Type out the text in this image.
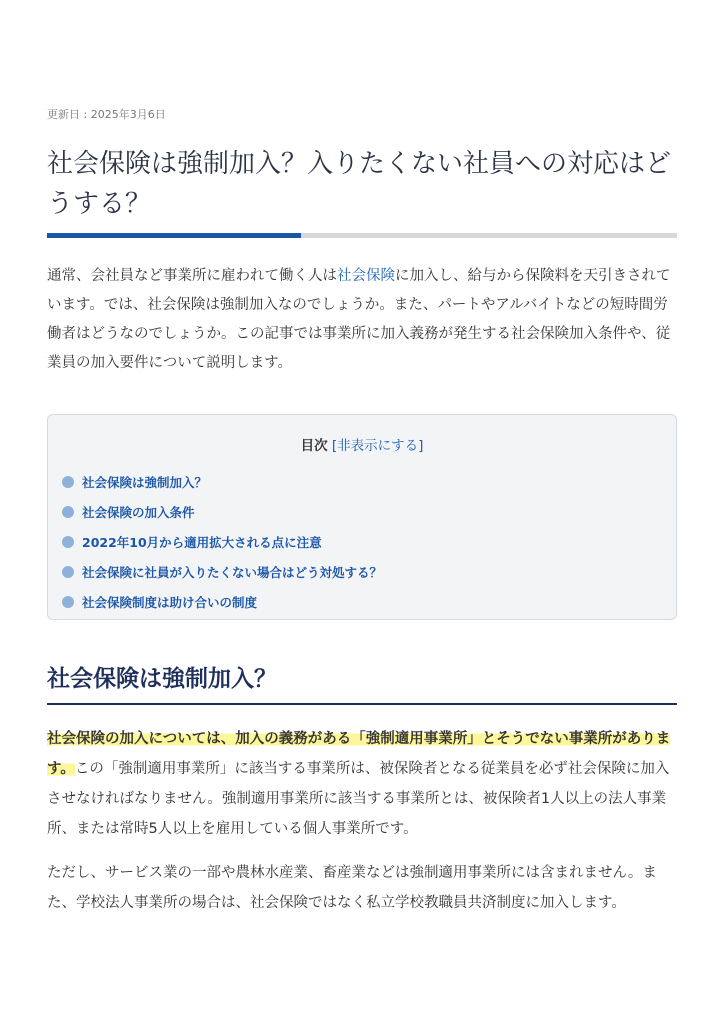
更新日 : 2025年3月6日
社会保険は強制加入？入りたくない社員への対応はどうする？

通常、会社員など事業所に雇われて働く人は社会保険に加入し、給与から保険料を天引きされています。では、社会保険は強制加入なのでしょうか。また、パートやアルバイトなどの短時間労働者はどうなのでしょうか。この記事では事業所に加入義務が発生する社会保険加入条件や、従業員の加入要件について説明します。

目次 [非表示にする]
社会保険は強制加入？
社会保険の加入条件
2022年10月から適用拡大される点に注意
社会保険に社員が入りたくない場合はどう対処する？
社会保険制度は助け合いの制度
社会保険は強制加入？

社会保険の加入については、加入の義務がある「強制適用事業所」とそうでない事業所があります。この「強制適用事業所」に該当する事業所は、被保険者となる従業員を必ず社会保険に加入させなければなりません。強制適用事業所に該当する事業所とは、被保険者1人以上の法人事業所、または常時5人以上を雇用している個人事業所です。

ただし、サービス業の一部や農林水産業、畜産業などは強制適用事業所には含まれません。また、学校法人事業所の場合は、社会保険ではなく私立学校教職員共済制度に加入します。
